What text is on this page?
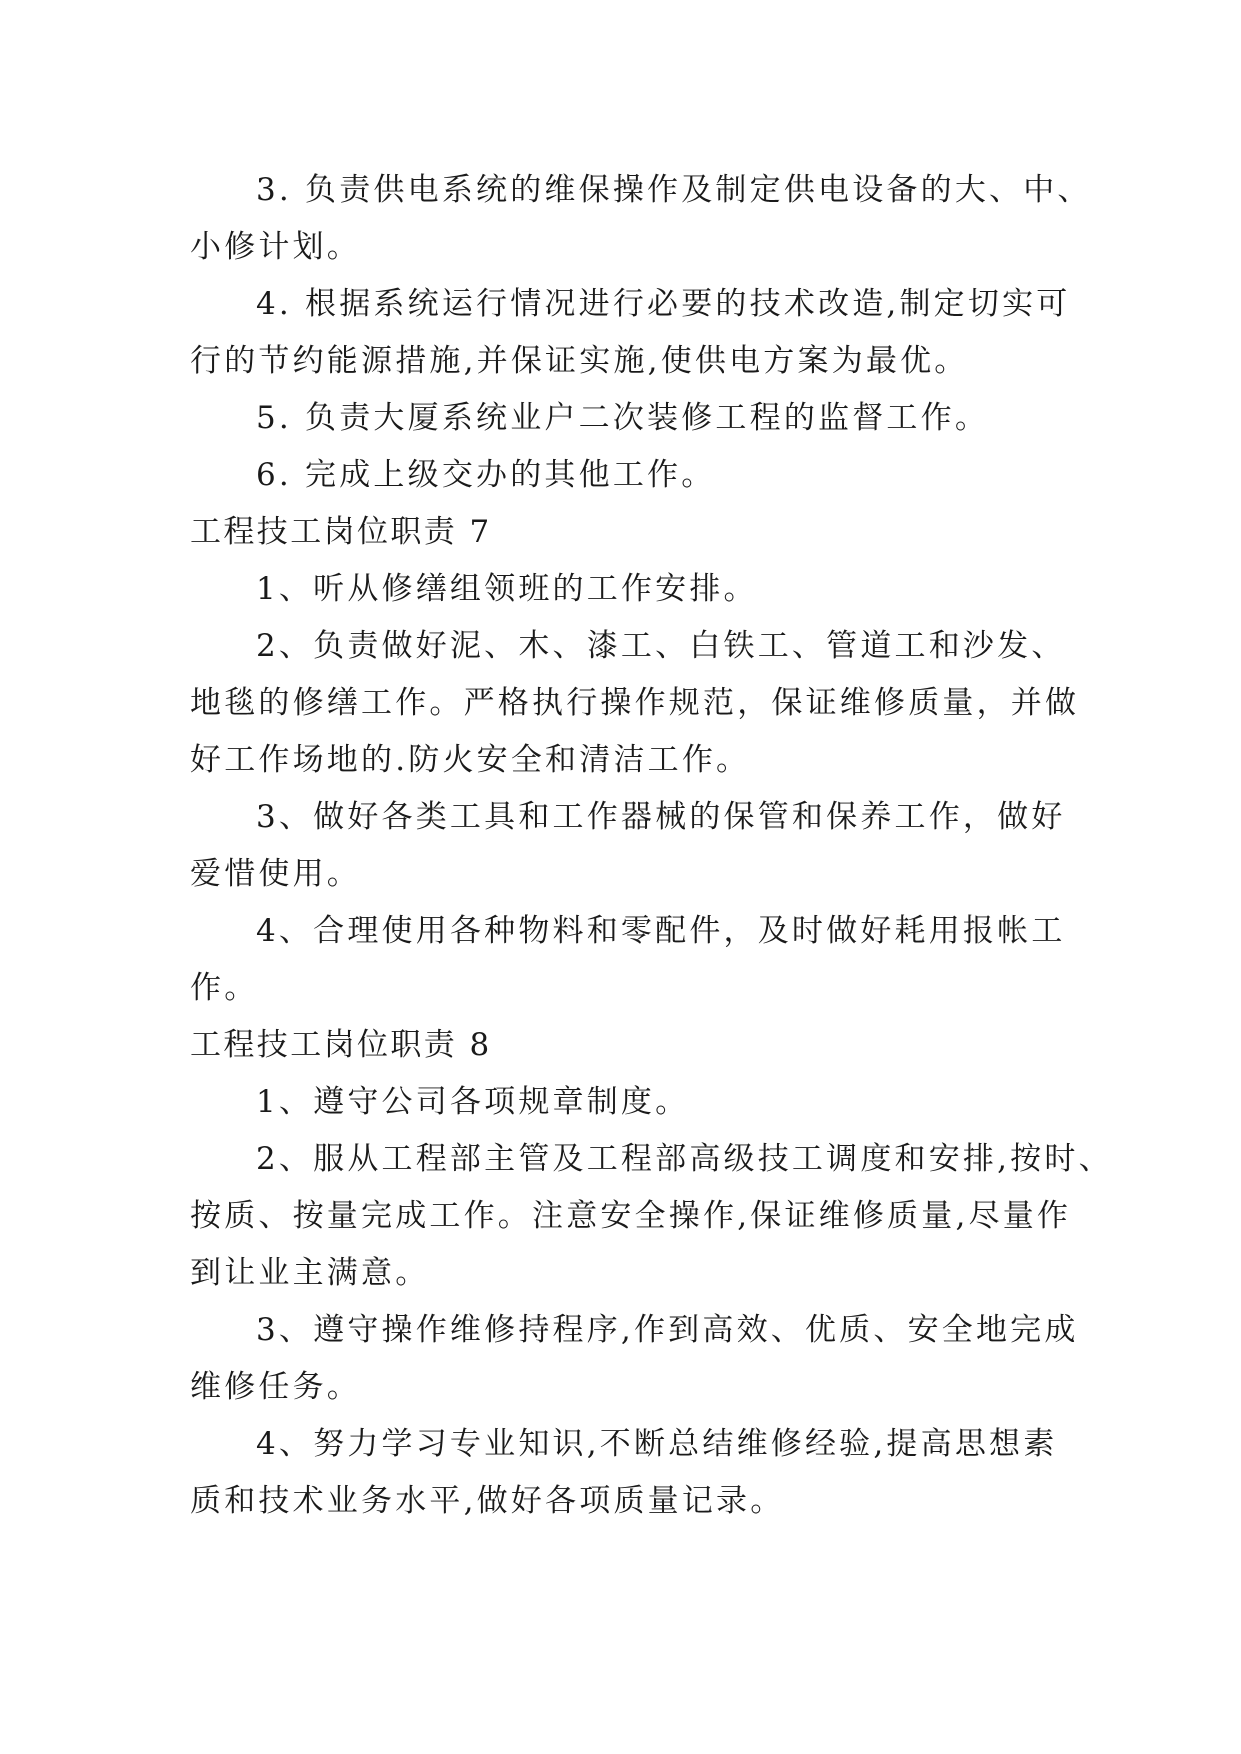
3. 负责供电系统的维保操作及制定供电设备的大、中、

小修计划。

4. 根据系统运行情况进行必要的技术改造,制定切实可

行的节约能源措施,并保证实施,使供电方案为最优。

5. 负责大厦系统业户二次装修工程的监督工作。

6. 完成上级交办的其他工作。

工程技工岗位职责 7

1、听从修缮组领班的工作安排。

2、负责做好泥、木、漆工、白铁工、管道工和沙发、

地毯的修缮工作。严格执行操作规范，保证维修质量，并做

好工作场地的.防火安全和清洁工作。

3、做好各类工具和工作器械的保管和保养工作，做好

爱惜使用。

4、合理使用各种物料和零配件，及时做好耗用报帐工

作。

工程技工岗位职责 8

1、遵守公司各项规章制度。

2、服从工程部主管及工程部高级技工调度和安排,按时、

按质、按量完成工作。注意安全操作,保证维修质量,尽量作

到让业主满意。

3、遵守操作维修持程序,作到高效、优质、安全地完成

维修任务。

4、努力学习专业知识,不断总结维修经验,提高思想素

质和技术业务水平,做好各项质量记录。
